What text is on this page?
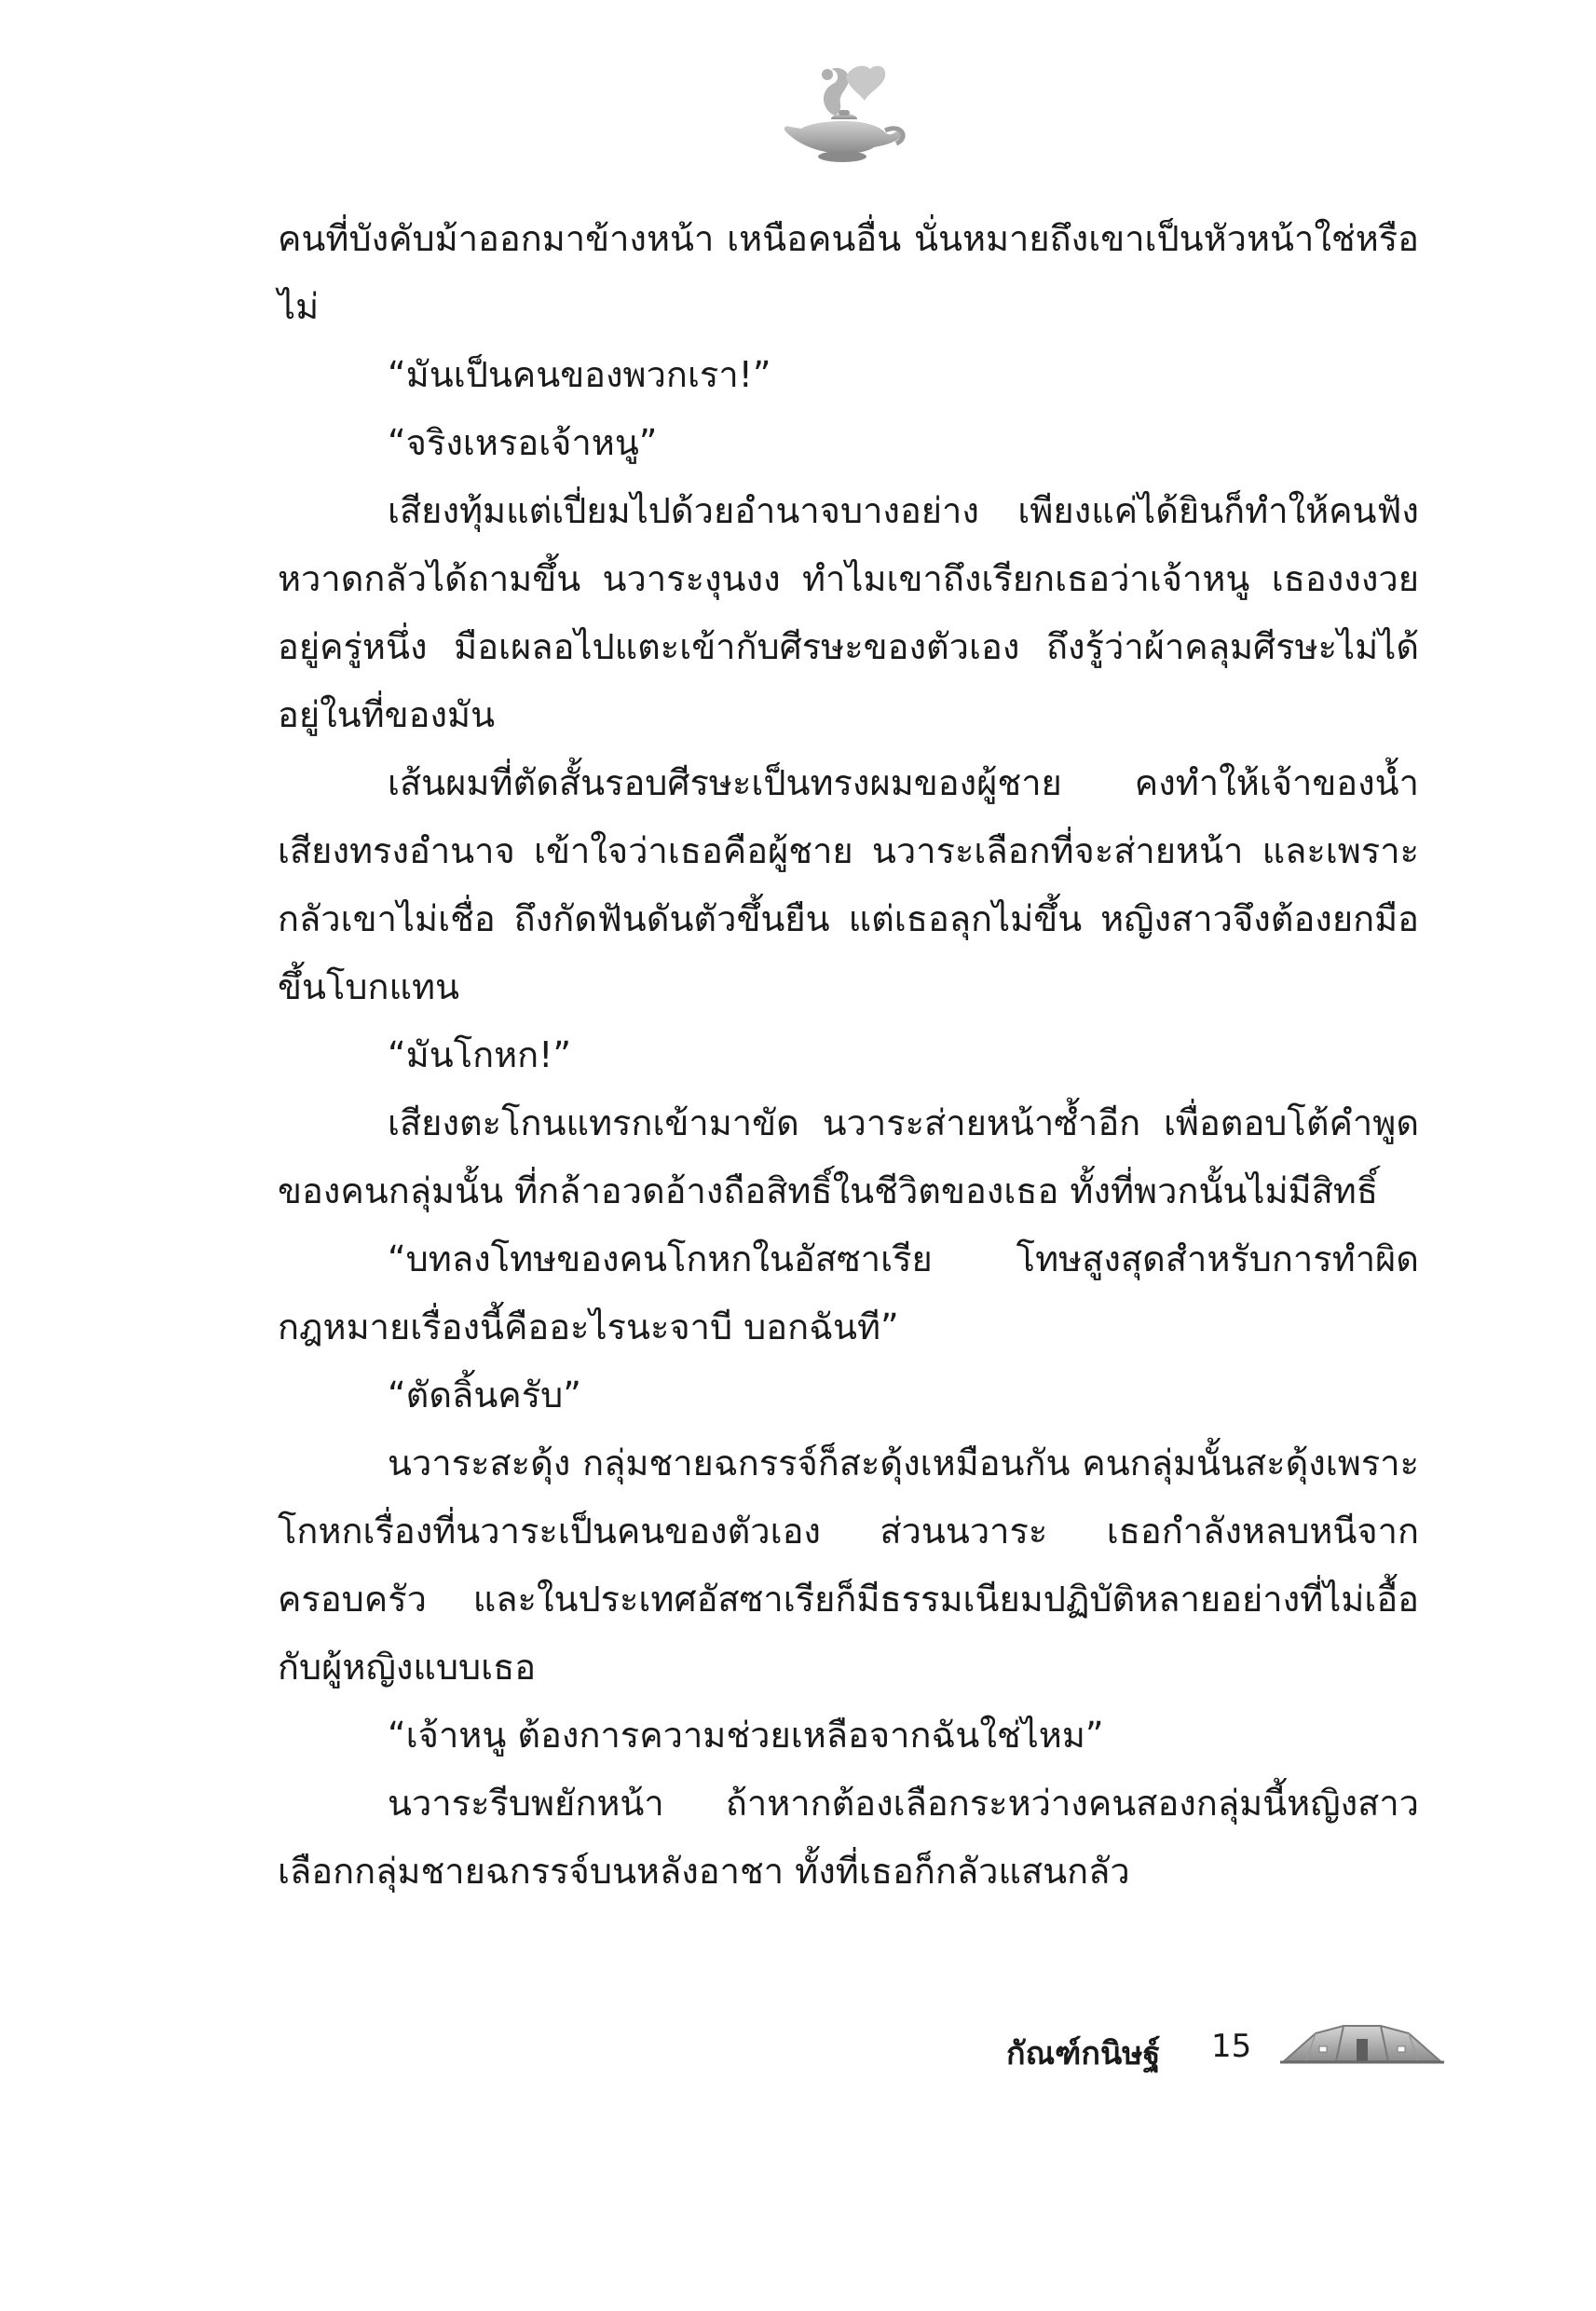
คนที่บังคับม้าออกมาข้างหน้า เหนือคนอื่น นั่นหมายถึงเขาเป็นหัวหน้าใช่หรือไม่

“มันเป็นคนของพวกเรา!”

“จริงเหรอเจ้าหนู”

เสียงทุ้มแต่เปี่ยมไปด้วยอำนาจบางอย่าง เพียงแค่ได้ยินก็ทำให้คนฟังหวาดกลัวได้ถามขึ้น นวาระงุนงง ทำไมเขาถึงเรียกเธอว่าเจ้าหนู เธองงงวยอยู่ครู่หนึ่ง มือเผลอไปแตะเข้ากับศีรษะของตัวเอง ถึงรู้ว่าผ้าคลุมศีรษะไม่ได้อยู่ในที่ของมัน

เส้นผมที่ตัดสั้นรอบศีรษะเป็นทรงผมของผู้ชาย คงทำให้เจ้าของน้ำเสียงทรงอำนาจ เข้าใจว่าเธอคือผู้ชาย นวาระเลือกที่จะส่ายหน้า และเพราะกลัวเขาไม่เชื่อ ถึงกัดฟันดันตัวขึ้นยืน แต่เธอลุกไม่ขึ้น หญิงสาวจึงต้องยกมือขึ้นโบกแทน

“มันโกหก!”

เสียงตะโกนแทรกเข้ามาขัด นวาระส่ายหน้าซ้ำอีก เพื่อตอบโต้คำพูดของคนกลุ่มนั้น ที่กล้าอวดอ้างถือสิทธิ์ในชีวิตของเธอ ทั้งที่พวกนั้นไม่มีสิทธิ์

“บทลงโทษของคนโกหกในอัสซาเรีย โทษสูงสุดสำหรับการทำผิดกฎหมายเรื่องนี้คืออะไรนะจาบี บอกฉันที”

“ตัดลิ้นครับ”

นวาระสะดุ้ง กลุ่มชายฉกรรจ์ก็สะดุ้งเหมือนกัน คนกลุ่มนั้นสะดุ้งเพราะโกหกเรื่องที่นวาระเป็นคนของตัวเอง ส่วนนวาระ เธอกำลังหลบหนีจากครอบครัว และในประเทศอัสซาเรียก็มีธรรมเนียมปฏิบัติหลายอย่างที่ไม่เอื้อกับผู้หญิงแบบเธอ

“เจ้าหนู ต้องการความช่วยเหลือจากฉันใช่ไหม”

นวาระรีบพยักหน้า ถ้าหากต้องเลือกระหว่างคนสองกลุ่มนี้หญิงสาวเลือกกลุ่มชายฉกรรจ์บนหลังอาชา ทั้งที่เธอก็กลัวแสนกลัว

กัณฑ์กนิษฐ์ 15
